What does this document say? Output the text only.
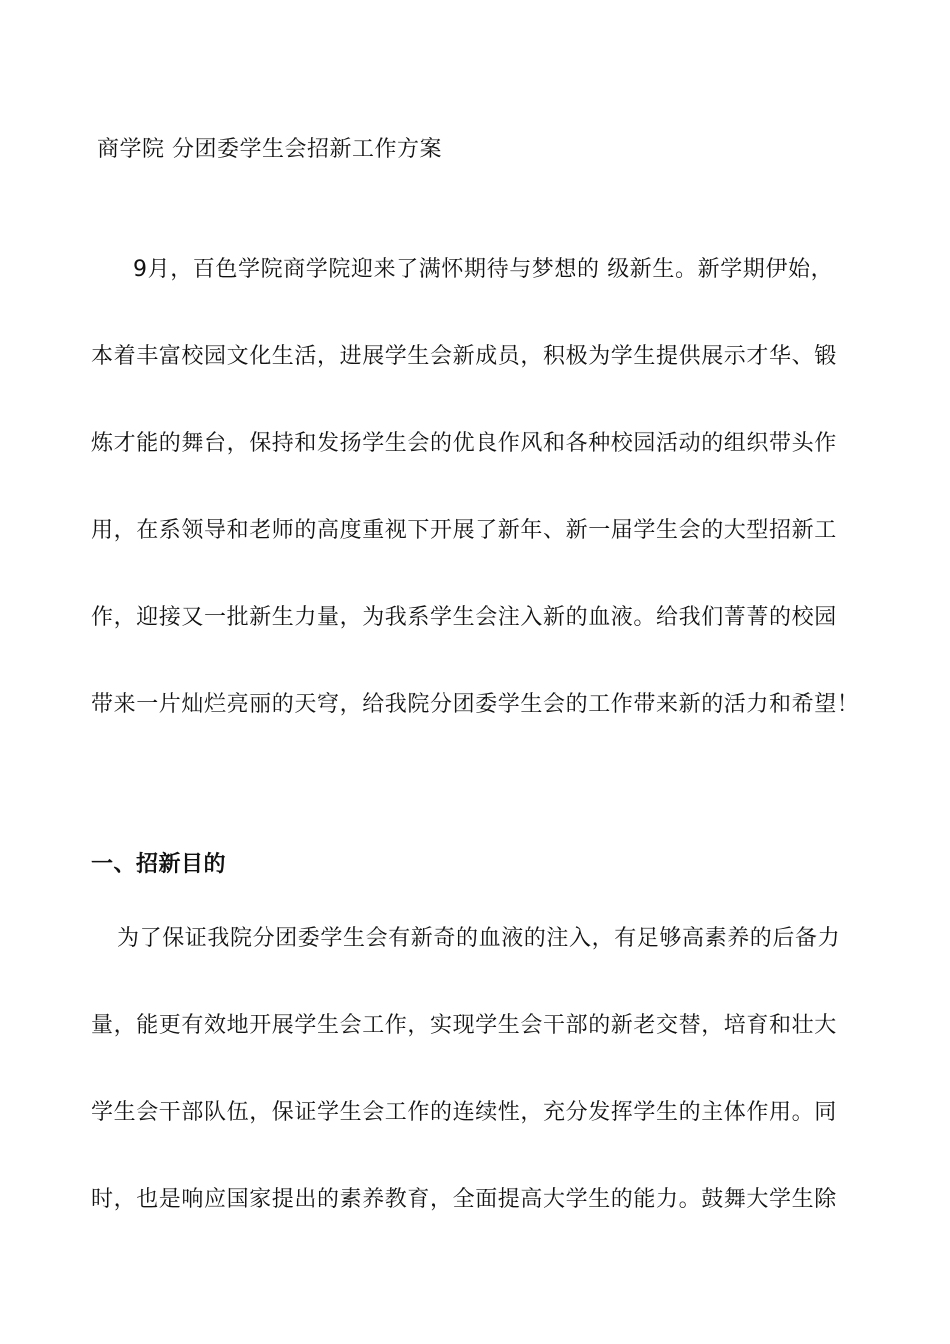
商学院 分团委学生会招新工作方案
9月，百色学院商学院迎来了满怀期待与梦想的 级新生。新学期伊始，
本着丰富校园文化生活，进展学生会新成员，积极为学生提供展示才华、锻
炼才能的舞台，保持和发扬学生会的优良作风和各种校园活动的组织带头作
用，在系领导和老师的高度重视下开展了新年、新一届学生会的大型招新工
作，迎接又一批新生力量，为我系学生会注入新的血液。给我们菁菁的校园
带来一片灿烂亮丽的天穹，给我院分团委学生会的工作带来新的活力和希望！
一、招新目的
为了保证我院分团委学生会有新奇的血液的注入，有足够高素养的后备力
量，能更有效地开展学生会工作，实现学生会干部的新老交替，培育和壮大
学生会干部队伍，保证学生会工作的连续性，充分发挥学生的主体作用。同
时，也是响应国家提出的素养教育，全面提高大学生的能力。鼓舞大学生除
